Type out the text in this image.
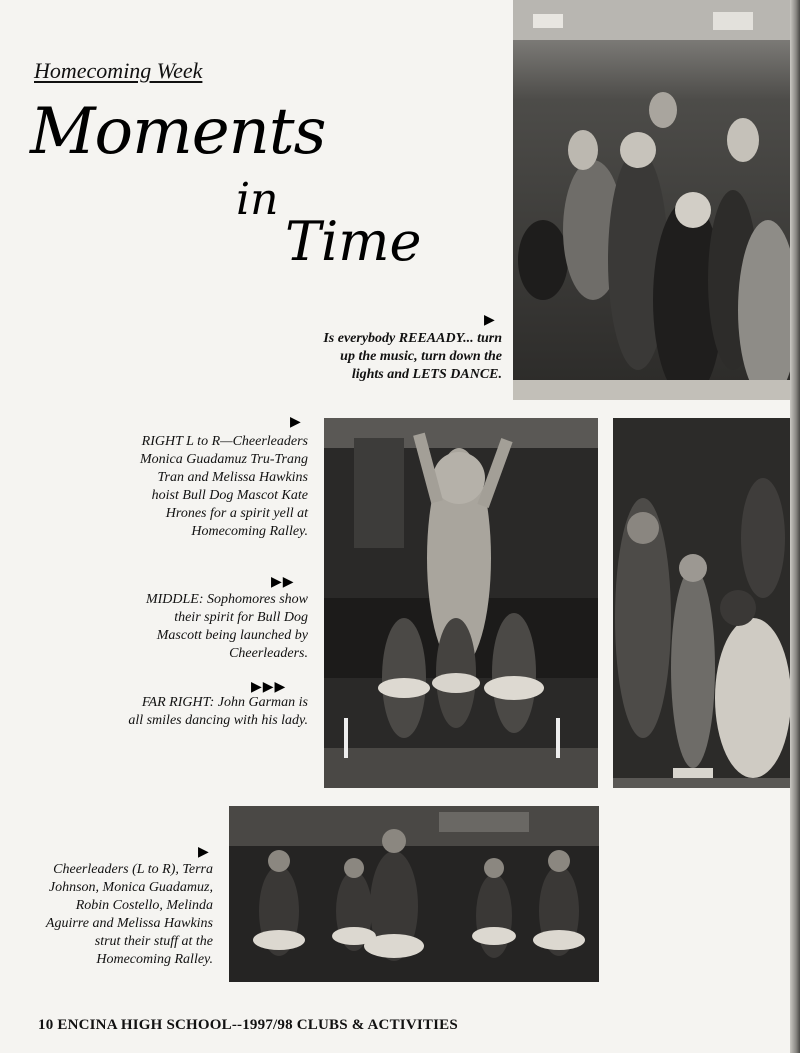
Homecoming Week
Moments
in
Time
▶

Is everybody REEAADY... turn up the music, turn down the lights and LETS DANCE.

▶

RIGHT L to R—Cheerleaders Monica Guadamuz Tru-Trang Tran and Melissa Hawkins hoist Bull Dog Mascot Kate Hrones for a spirit yell at Homecoming Ralley.

▶▶

MIDDLE: Sophomores show their spirit for Bull Dog Mascott being launched by Cheerleaders.

▶▶▶

FAR RIGHT: John Garman is all smiles dancing with his lady.

▶

Cheerleaders (L to R), Terra Johnson, Monica Guadamuz, Robin Costello, Melinda Aguirre and Melissa Hawkins strut their stuff at the Homecoming Ralley.

10 ENCINA HIGH SCHOOL--1997/98 CLUBS & ACTIVITIES
